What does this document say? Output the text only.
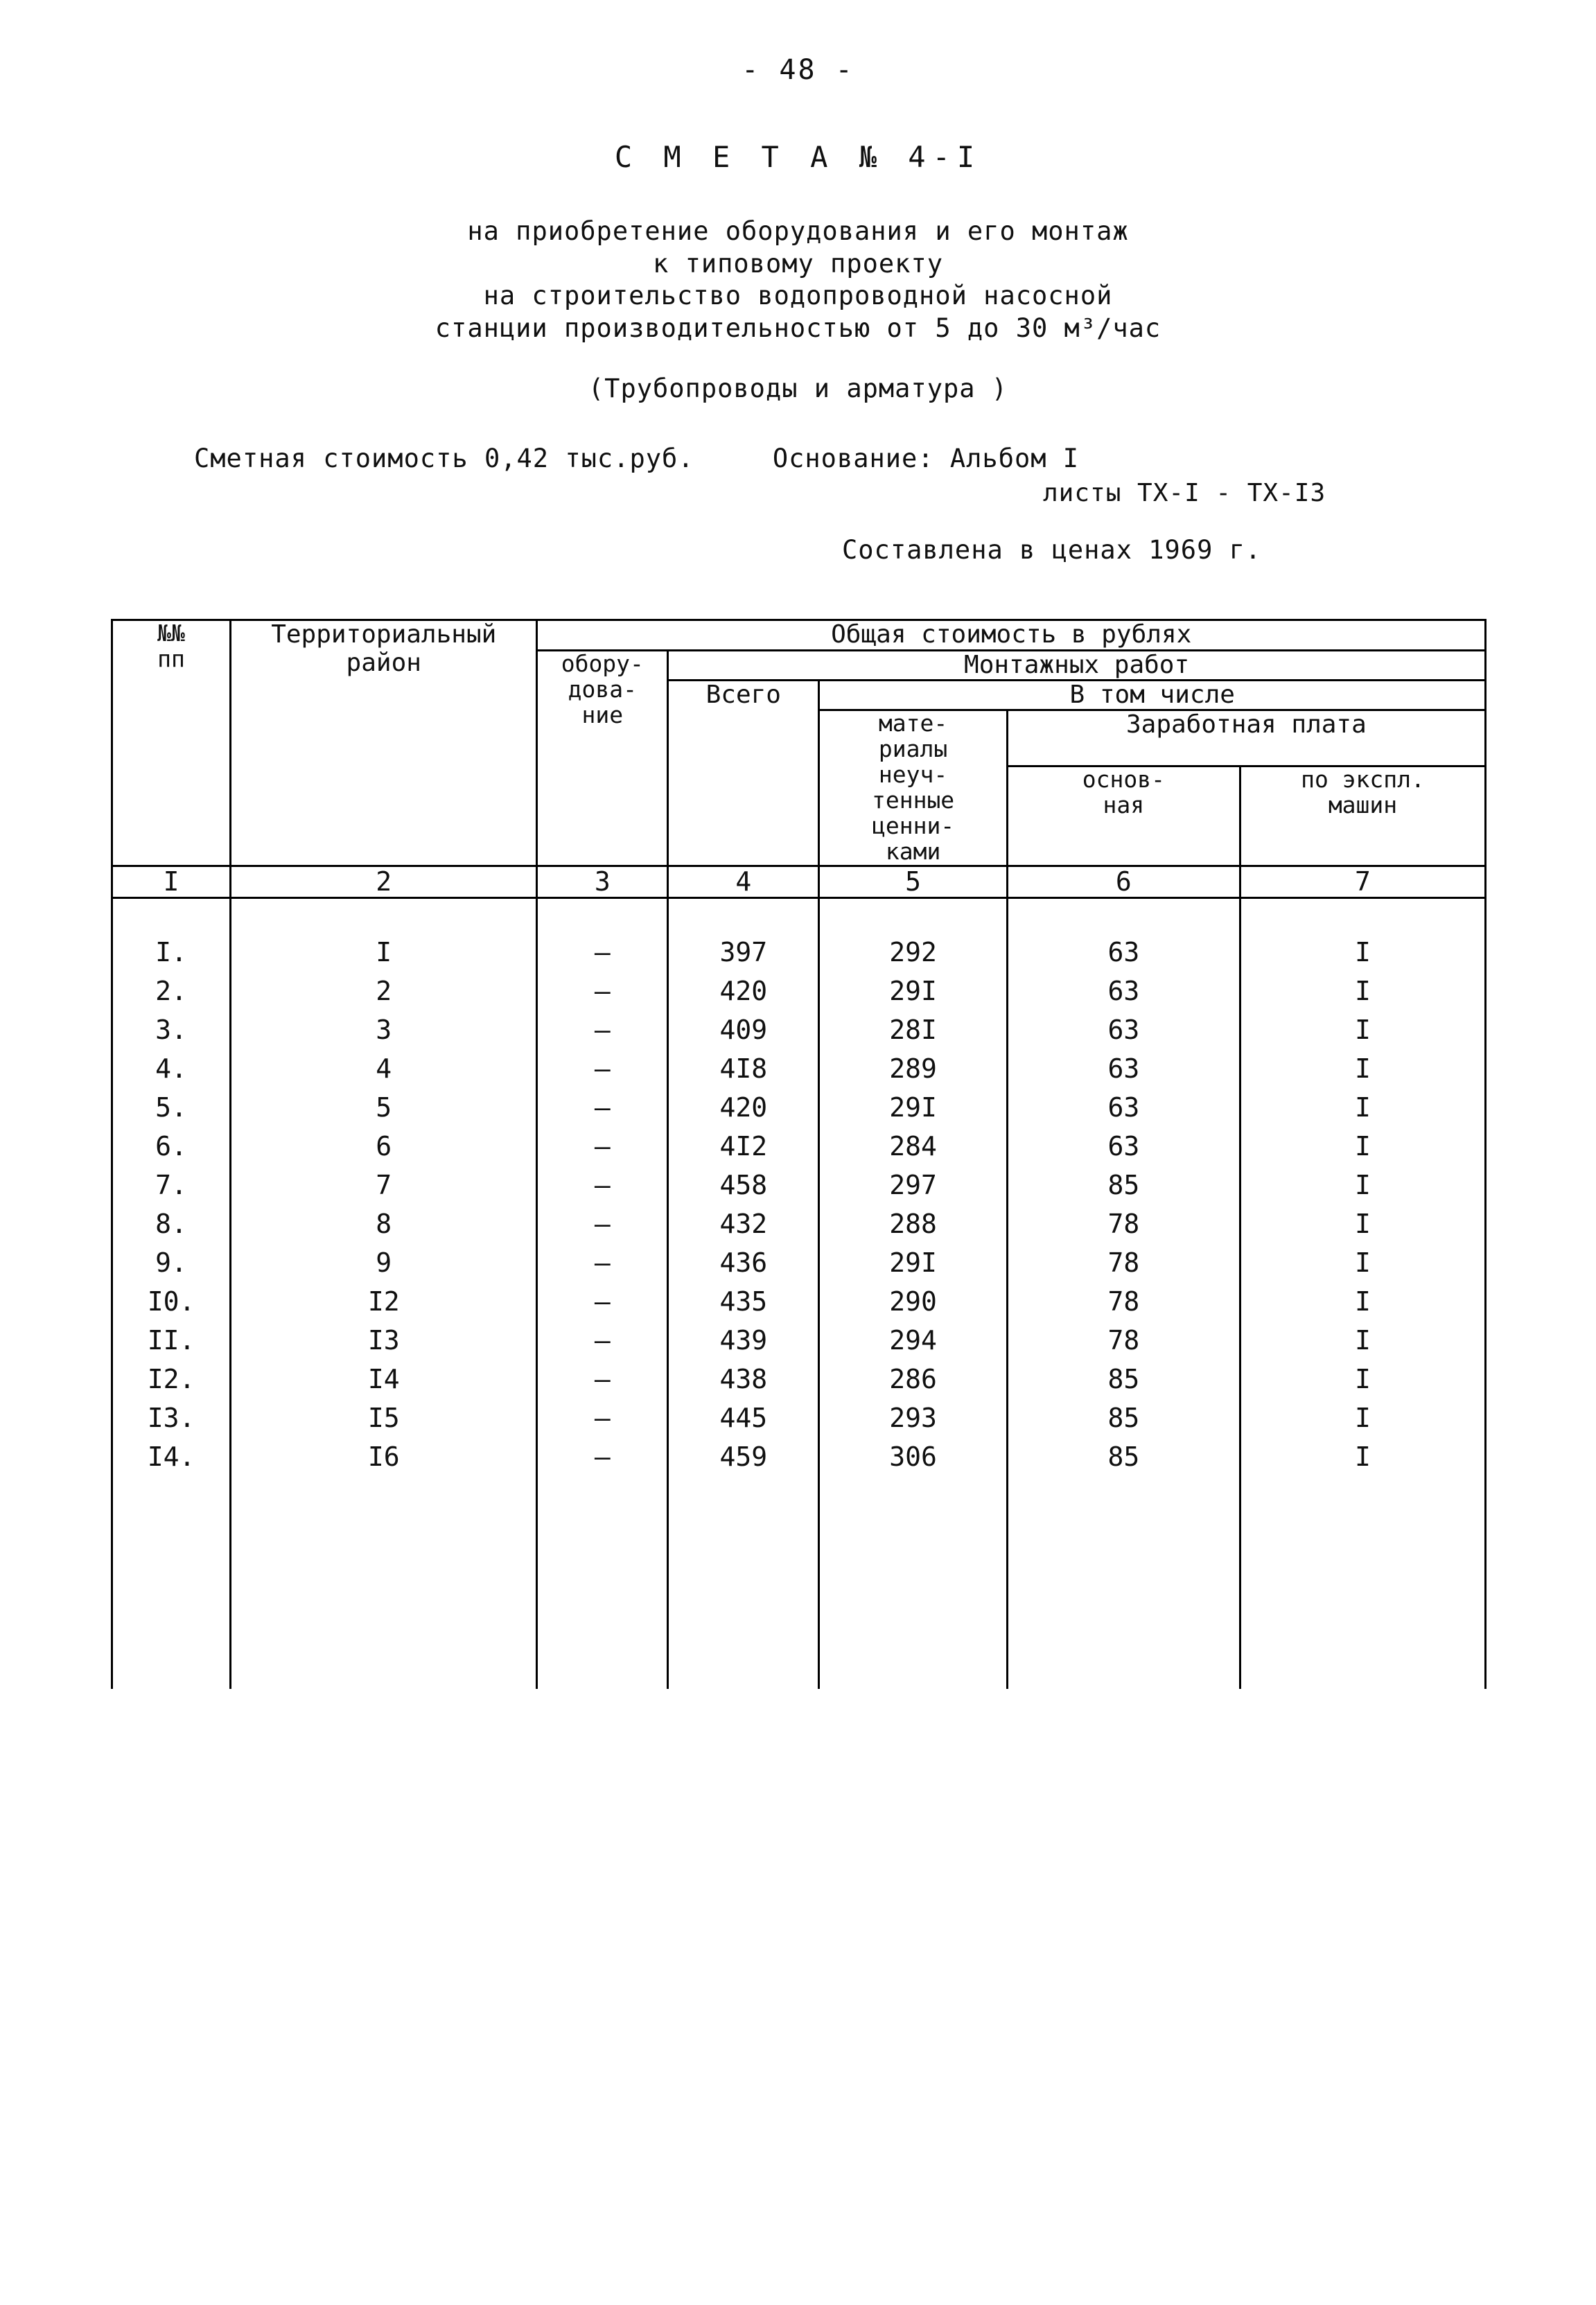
- 48 -
С М Е Т А № 4-I
на приобретение оборудования и его монтаж
к типовому проекту
на строительство водопроводной насосной
станции производительностью от 5 до 30 м³/час
(Трубопроводы и арматура )
Сметная стоимость 0,42 тыс.руб.	Основание: Альбом I
листы ТХ-I - ТХ-I3
Составлена в ценах 1969 г.
№№
пп

Территориальный
район
	Общая стоимость в рублях

		обору-
дова-
ние	Монтажных работ			
			Всего	В том числе		

мате-
риалы
неуч-
тенные
ценни-
ками
	Заработная плата

основ-
ная

по экспл.
машин

I	2	3	4	5	6	7

I.	I	–	397	292	63	I
2.	2	–	420	29I	63	I
3.	3	–	409	28I	63	I
4.	4	–	4I8	289	63	I
5.	5	–	420	29I	63	I
6.	6	–	4I2	284	63	I
7.	7	–	458	297	85	I
8.	8	–	432	288	78	I
9.	9	–	436	29I	78	I
I0.	I2	–	435	290	78	I
II.	I3	–	439	294	78	I
I2.	I4	–	438	286	85	I
I3.	I5	–	445	293	85	I
I4.	I6	–	459	306	85	I
